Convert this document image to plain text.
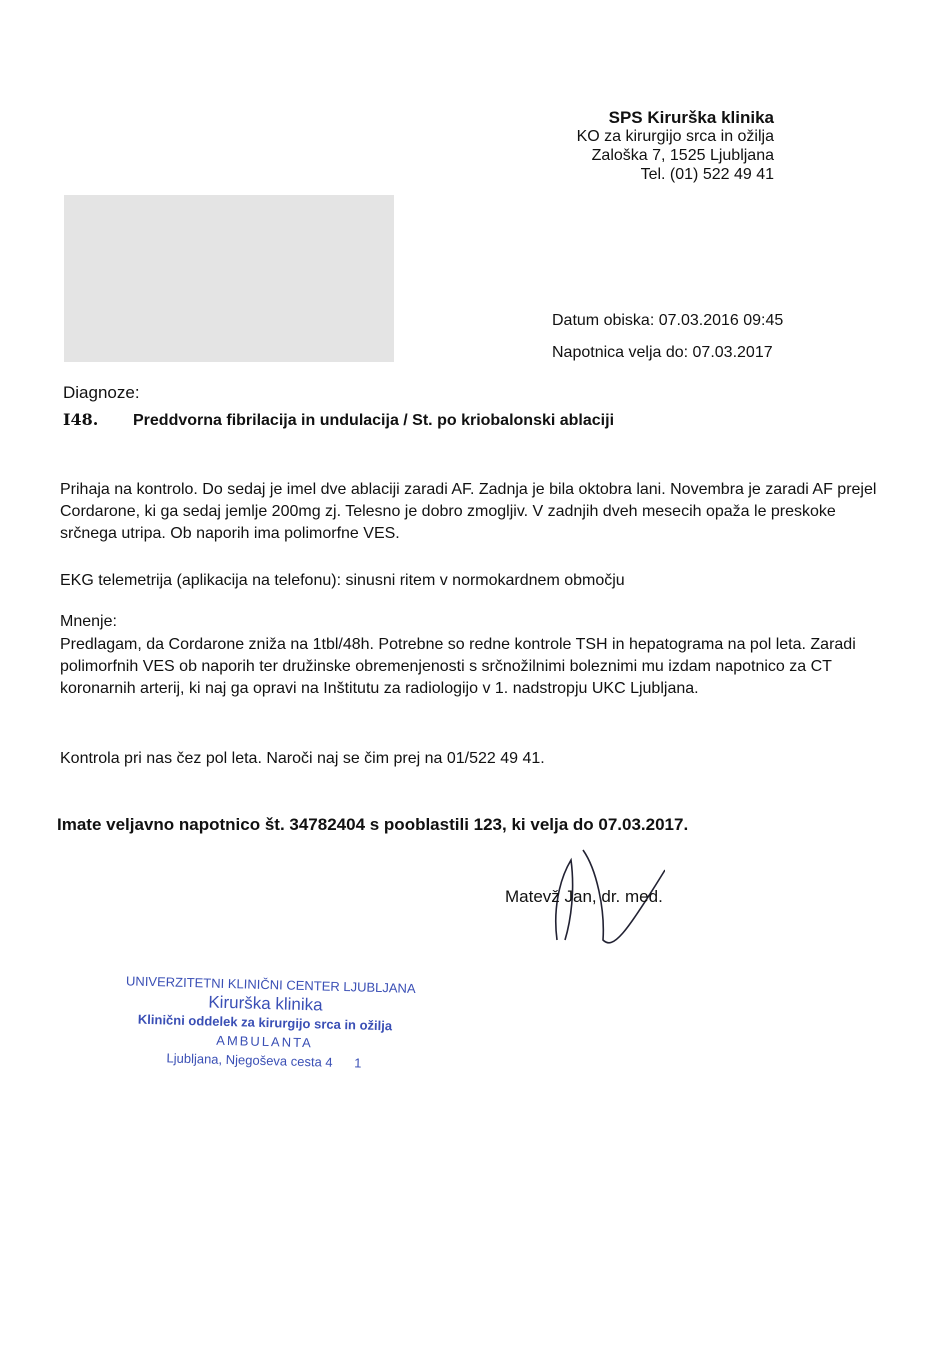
SPS Kirurška klinika
KO za kirurgijo srca in ožilja
Zaloška 7, 1525 Ljubljana
Tel. (01) 522 49 41
Datum obiska: 07.03.2016 09:45
Napotnica velja do: 07.03.2017
Diagnoze:
I48. Preddvorna fibrilacija in undulacija / St. po kriobalonski ablaciji
Prihaja na kontrolo. Do sedaj je imel dve ablaciji zaradi AF. Zadnja je bila oktobra lani. Novembra je zaradi AF prejel Cordarone, ki ga sedaj jemlje 200mg zj. Telesno je dobro zmogljiv. V zadnjih dveh mesecih opaža le preskoke srčnega utripa. Ob naporih ima polimorfne VES.
EKG telemetrija (aplikacija na telefonu): sinusni ritem v normokardnem območju
Mnenje:
Predlagam, da Cordarone zniža na 1tbl/48h. Potrebne so redne kontrole TSH in hepatograma na pol leta. Zaradi polimorfnih VES ob naporih ter družinske obremenjenosti s srčnožilnimi boleznimi mu izdam napotnico za CT koronarnih arterij, ki naj ga opravi na Inštitutu za radiologijo v 1. nadstropju UKC Ljubljana.
Kontrola pri nas čez pol leta. Naroči naj se čim prej na 01/522 49 41.
Imate veljavno napotnico št. 34782404 s pooblastili 123, ki velja do 07.03.2017.
Matevž Jan, dr. med.
UNIVERZITETNI KLINIČNI CENTER LJUBLJANA
Kirurška klinika
Klinični oddelek za kirurgijo srca in ožilja
AMBULANTA
Ljubljana, Njegoševa cesta 4 1
